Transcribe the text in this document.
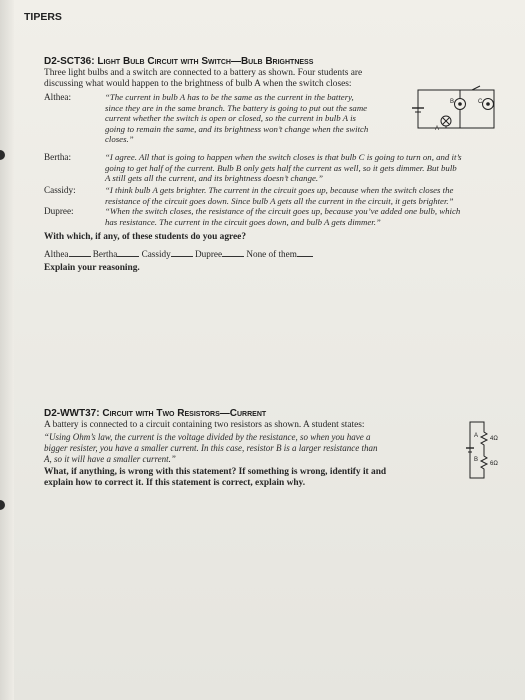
TIPERS
D2-SCT36: Light Bulb Circuit with Switch—Bulb Brightness
Three light bulbs and a switch are connected to a battery as shown. Four students are
discussing what would happen to the brightness of bulb A when the switch closes:
Althea:	“The current in bulb A has to be the same as the current in the battery,
since they are in the same branch. The battery is going to put out the same
current whether the switch is open or closed, so the current in bulb A is
going to remain the same, and its brightness won’t change when the switch
closes.”
B	C
A
Bertha:	“I agree. All that is going to happen when the switch closes is that bulb C is going to turn on, and it’s
going to get half of the current. Bulb B only gets half the current as well, so it gets dimmer. But bulb
A still gets all the current, and its brightness doesn’t change.”
Cassidy:	“I think bulb A gets brighter. The current in the circuit goes up, because when the switch closes the
resistance of the circuit goes down. Since bulb A gets all the current in the circuit, it gets brighter.”
Dupree:	“When the switch closes, the resistance of the circuit goes up, because you’ve added one bulb, which
has resistance. The current in the circuit goes down, and bulb A gets dimmer.”
With which, if any, of these students do you agree?
Althea	Bertha	Cassidy	Dupree	None of them
Explain your reasoning.
D2-WWT37: Circuit with Two Resistors—Current
A battery is connected to a circuit containing two resistors as shown. A student states:
“Using Ohm’s law, the current is the voltage divided by the resistance, so when you have a
bigger resister, you have a smaller current. In this case, resistor B is a larger resistance than
A, so it will have a smaller current.”
What, if anything, is wrong with this statement? If something is wrong, identify it and
explain how to correct it. If this statement is correct, explain why.
A 4Ω
B
6Ω
